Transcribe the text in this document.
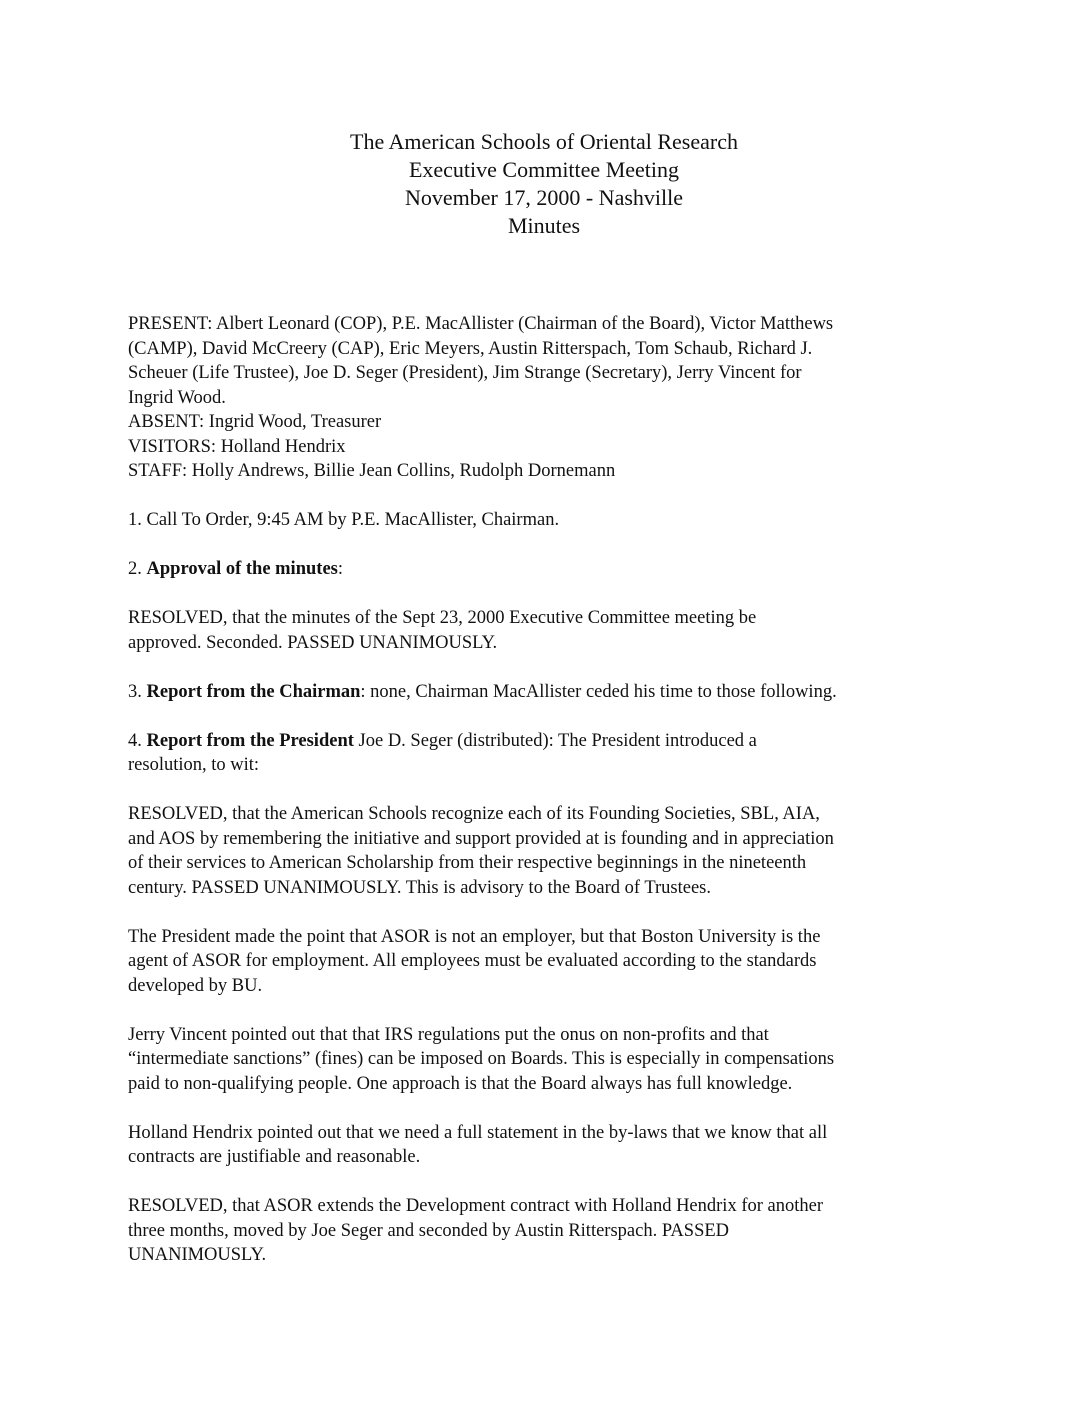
The American Schools of Oriental Research
Executive Committee Meeting
November 17, 2000 - Nashville
Minutes
PRESENT: Albert Leonard (COP), P.E. MacAllister (Chairman of the Board), Victor Matthews
(CAMP), David McCreery (CAP), Eric Meyers, Austin Ritterspach, Tom Schaub, Richard J.
Scheuer (Life Trustee), Joe D. Seger (President), Jim Strange (Secretary), Jerry Vincent for
Ingrid Wood.
ABSENT: Ingrid Wood, Treasurer
VISITORS: Holland Hendrix
STAFF: Holly Andrews, Billie Jean Collins, Rudolph Dornemann
1. Call To Order, 9:45 AM by P.E. MacAllister, Chairman.
2. Approval of the minutes:
RESOLVED, that the minutes of the Sept 23, 2000 Executive Committee meeting be
approved. Seconded. PASSED UNANIMOUSLY.
3. Report from the Chairman: none, Chairman MacAllister ceded his time to those following.
4. Report from the President Joe D. Seger (distributed): The President introduced a
resolution, to wit:
RESOLVED, that the American Schools recognize each of its Founding Societies, SBL, AIA,
and AOS by remembering the initiative and support provided at is founding and in appreciation
of their services to American Scholarship from their respective beginnings in the nineteenth
century. PASSED UNANIMOUSLY. This is advisory to the Board of Trustees.
The President made the point that ASOR is not an employer, but that Boston University is the
agent of ASOR for employment. All employees must be evaluated according to the standards
developed by BU.
Jerry Vincent pointed out that that IRS regulations put the onus on non-profits and that
“intermediate sanctions” (fines) can be imposed on Boards. This is especially in compensations
paid to non-qualifying people. One approach is that the Board always has full knowledge.
Holland Hendrix pointed out that we need a full statement in the by-laws that we know that all
contracts are justifiable and reasonable.
RESOLVED, that ASOR extends the Development contract with Holland Hendrix for another
three months, moved by Joe Seger and seconded by Austin Ritterspach. PASSED
UNANIMOUSLY.
